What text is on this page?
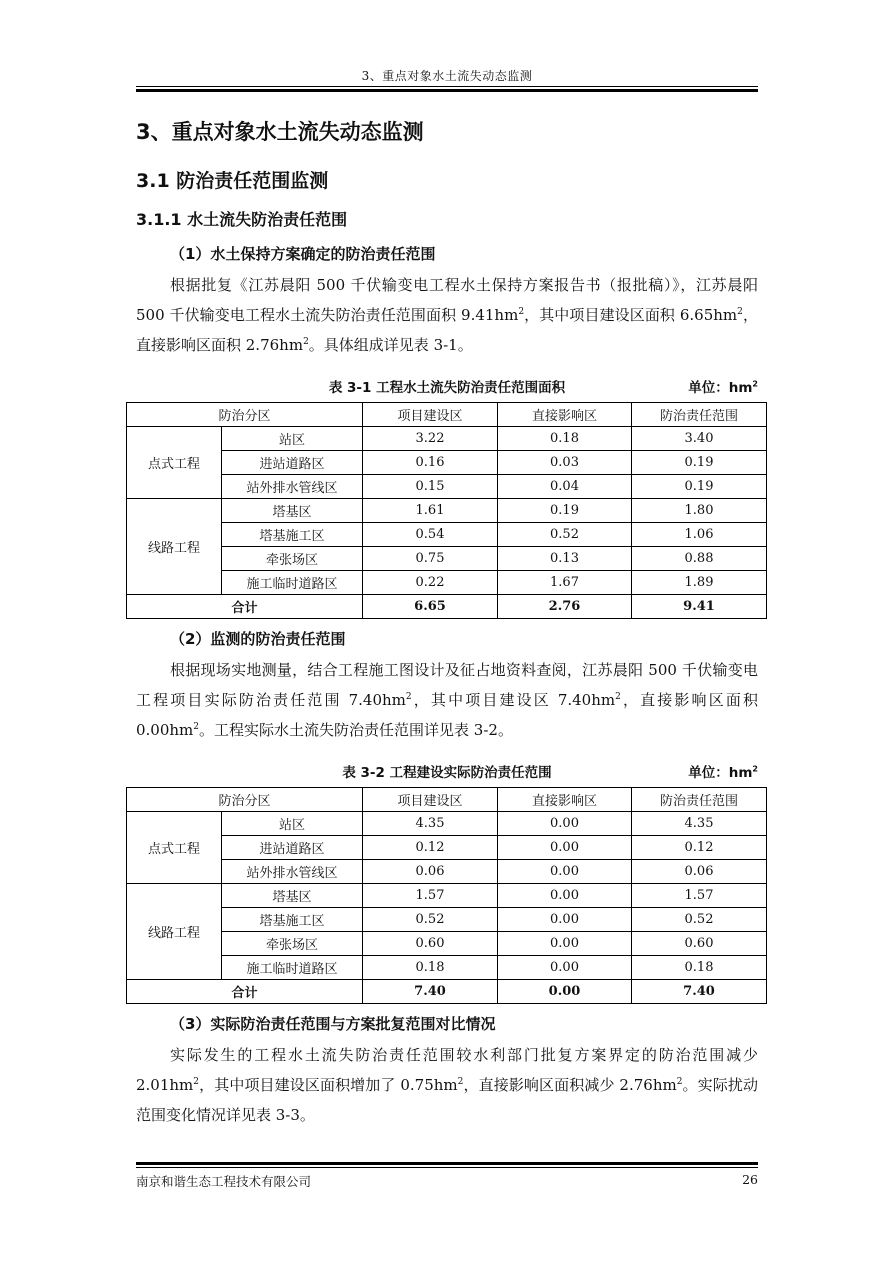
3、重点对象水土流失动态监测
3、重点对象水土流失动态监测
3.1 防治责任范围监测
3.1.1 水土流失防治责任范围
（1）水土保持方案确定的防治责任范围

根据批复《江苏晨阳 500 千伏输变电工程水土保持方案报告书（报批稿）》，江苏晨阳 500 千伏输变电工程水土流失防治责任范围面积 $9.41hm^2$，其中项目建设区面积 $6.65hm^2$，直接影响区面积 $2.76hm^2$。具体组成详见表 3-1。

表 3-1 工程水土流失防治责任范围面积	单位：$hm^2$
防治分区		项目建设区	直接影响区	防治责任范围
点式工程	站区	3.22	0.18	3.40
	进站道路区	0.16	0.03	0.19
	站外排水管线区	0.15	0.04	0.19
线路工程	塔基区	1.61	0.19	1.80
	塔基施工区	0.54	0.52	1.06
	牵张场区	0.75	0.13	0.88
	施工临时道路区	0.22	1.67	1.89
合计		6.65	2.76	9.41
（2）监测的防治责任范围

根据现场实地测量，结合工程施工图设计及征占地资料查阅，江苏晨阳 500 千伏输变电工程项目实际防治责任范围 $7.40hm^2$，其中项目建设区 $7.40hm^2$，直接影响区面积 $0.00hm^2$。工程实际水土流失防治责任范围详见表 3-2。

表 3-2 工程建设实际防治责任范围	单位：$hm^2$
防治分区		项目建设区	直接影响区	防治责任范围
点式工程	站区	4.35	0.00	4.35
	进站道路区	0.12	0.00	0.12
	站外排水管线区	0.06	0.00	0.06
线路工程	塔基区	1.57	0.00	1.57
	塔基施工区	0.52	0.00	0.52
	牵张场区	0.60	0.00	0.60
	施工临时道路区	0.18	0.00	0.18
合计		7.40	0.00	7.40
（3）实际防治责任范围与方案批复范围对比情况

实际发生的工程水土流失防治责任范围较水利部门批复方案界定的防治范围减少 $2.01hm^2$，其中项目建设区面积增加了 $0.75hm^2$，直接影响区面积减少 $2.76hm^2$。实际扰动范围变化情况详见表 3-3。

南京和谐生态工程技术有限公司	26
